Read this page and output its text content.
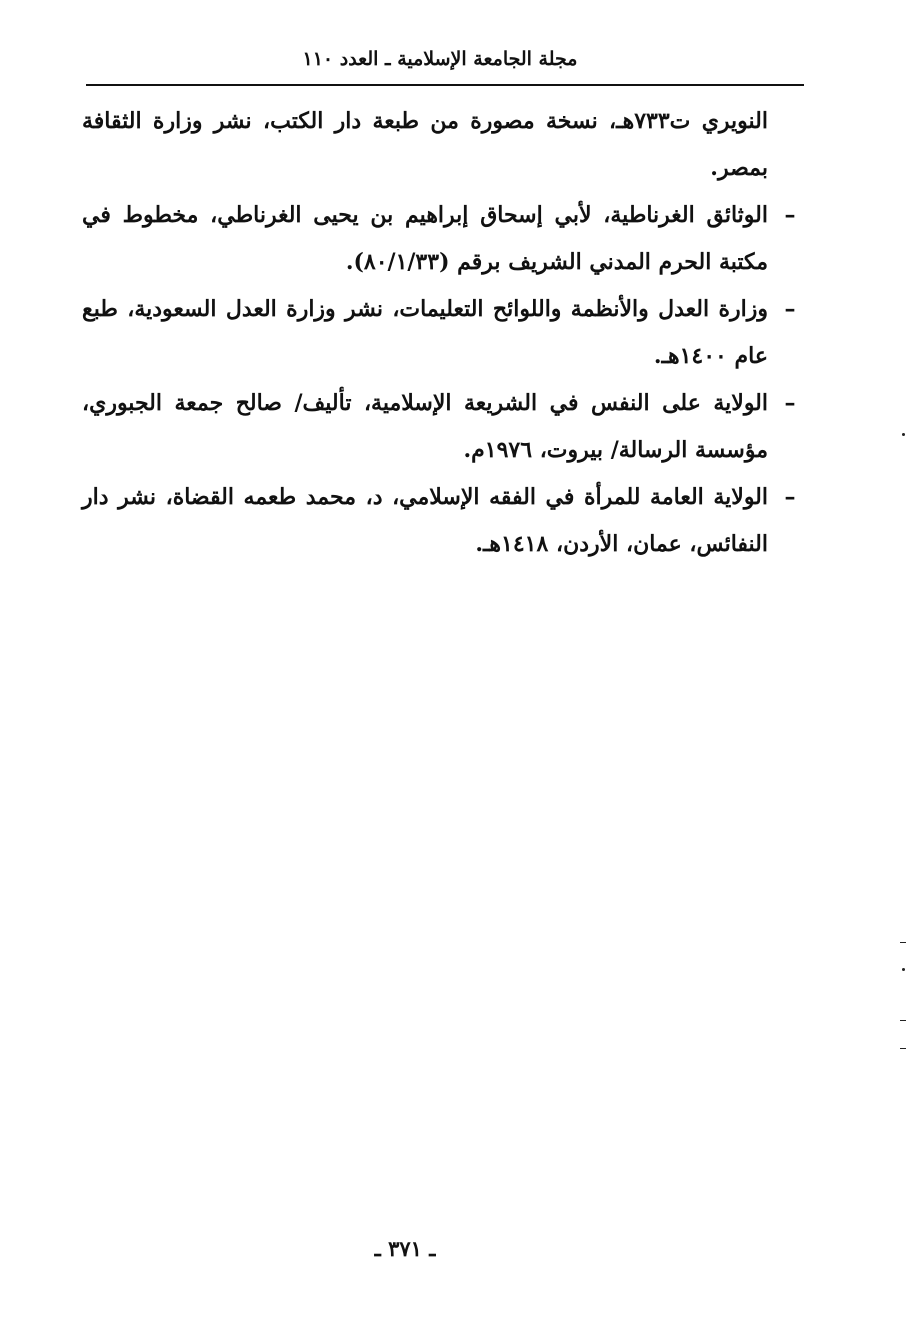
مجلة الجامعة الإسلامية ـ العدد ١١٠

النويري ت٧٣٣هـ، نسخة مصورة من طبعة دار الكتب، نشر وزارة الثقافة بمصر.

–
الوثائق الغرناطية، لأبي إسحاق إبراهيم بن يحيى الغرناطي، مخطوط في مكتبة الحرم المدني الشريف برقم (٨٠/١/٣٣).

–
وزارة العدل والأنظمة واللوائح التعليمات، نشر وزارة العدل السعودية، طبع عام ١٤٠٠هـ.

–
الولاية على النفس في الشريعة الإسلامية، تأليف/ صالح جمعة الجبوري، مؤسسة الرسالة/ بيروت، ١٩٧٦م.

–
الولاية العامة للمرأة في الفقه الإسلامي، د، محمد طعمه القضاة، نشر دار النفائس، عمان، الأردن، ١٤١٨هـ.

ـ ٣٧١ ـ
